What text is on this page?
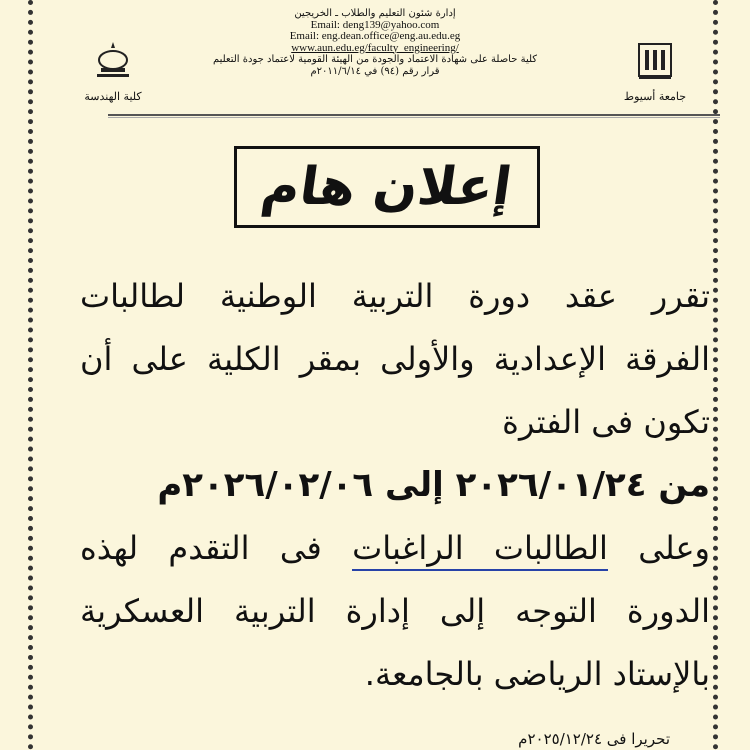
كلية الهندسة
إدارة شئون التعليم والطلاب ـ الخريجين
Email: deng139@yahoo.com
Email: eng.dean.office@eng.au.edu.eg
www.aun.edu.eg/faculty_engineering/
كلية حاصلة على شهادة الاعتماد والجودة من الهيئة القومية لاعتماد جودة التعليم
قرار رقم (٩٤) في ٢٠١١/٦/١٤م
جامعة أسيوط
إعلان هام
تقرر عقد دورة التربية الوطنية لطالبات
الفرقة الإعدادية والأولى بمقر الكلية على أن
تكون فى الفترة
من ٢٠٢٦/٠١/٢٤ إلى ٢٠٢٦/٠٢/٠٦م
وعلى الطالبات الراغبات فى التقدم لهذه
الدورة التوجه إلى إدارة التربية العسكرية
بالإستاد الرياضى بالجامعة.
تحريرا فى ٢٠٢٥/١٢/٢٤م
